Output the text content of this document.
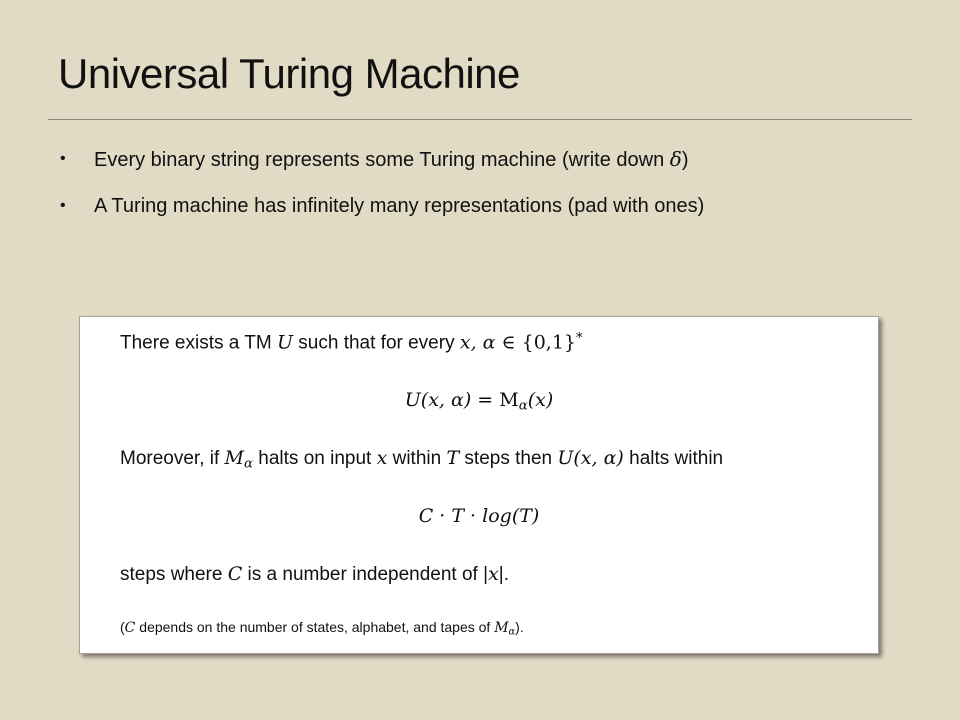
Universal Turing Machine
• Every binary string represents some Turing machine (write down δ)
• A Turing machine has infinitely many representations (pad with ones)
There exists a TM U such that for every x, α ∈ {0,1}*
U(x, $\alpha) = M_\alpha(x)$
Moreover, if $M_\alpha$ halts on input x within T steps then U(x, α) halts within
C · T · log(T)
steps where C is a number independent of |x|.
(C depends on the number of states, alphabet, and tapes of $M_\alpha$).
